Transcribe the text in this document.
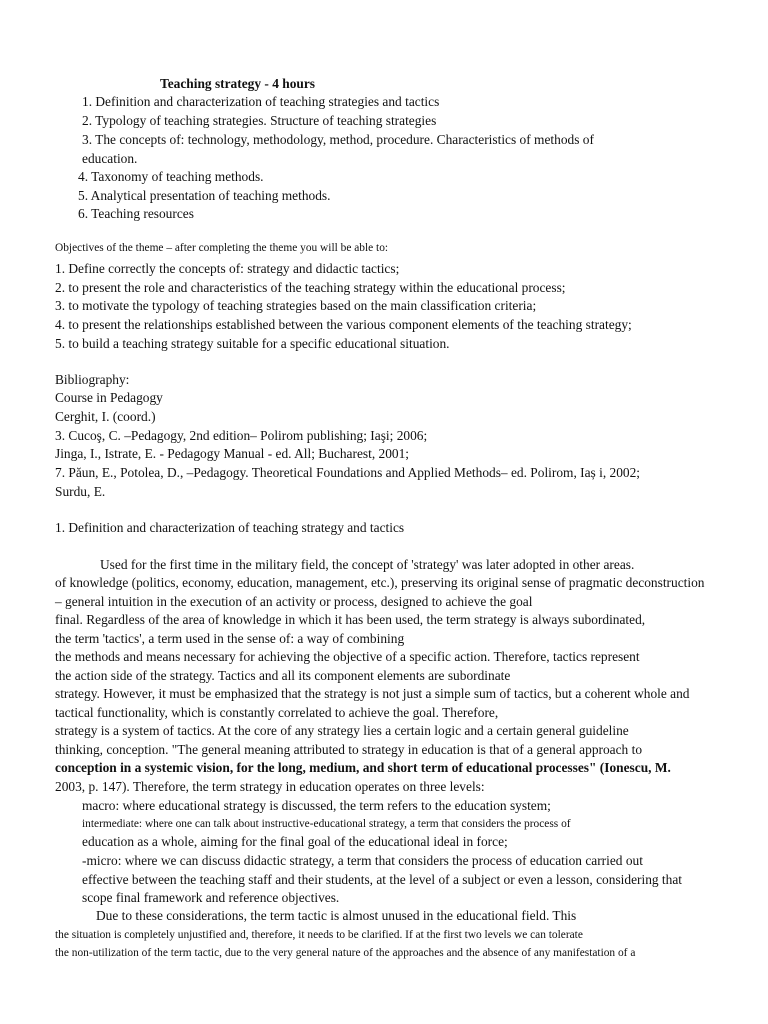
Teaching strategy - 4 hours
1. Definition and characterization of teaching strategies and tactics
2. Typology of teaching strategies. Structure of teaching strategies
3. The concepts of: technology, methodology, method, procedure. Characteristics of methods of
education.
4. Taxonomy of teaching methods.
5. Analytical presentation of teaching methods.
6. Teaching resources
Objectives of the theme – after completing the theme you will be able to:
1. Define correctly the concepts of: strategy and didactic tactics;
2. to present the role and characteristics of the teaching strategy within the educational process;
3. to motivate the typology of teaching strategies based on the main classification criteria;
4. to present the relationships established between the various component elements of the teaching strategy;
5. to build a teaching strategy suitable for a specific educational situation.
Bibliography:
Course in Pedagogy
Cerghit, I. (coord.)
3. Cucoş, C. –Pedagogy, 2nd edition– Polirom publishing; Iaşi; 2006;
Jinga, I., Istrate, E. - Pedagogy Manual - ed. All; Bucharest, 2001;
7. Păun, E., Potolea, D., –Pedagogy. Theoretical Foundations and Applied Methods– ed. Polirom, Iaș i, 2002;
Surdu, E.
1. Definition and characterization of teaching strategy and tactics
Used for the first time in the military field, the concept of 'strategy' was later adopted in other areas.
of knowledge (politics, economy, education, management, etc.), preserving its original sense of pragmatic deconstruction
– general intuition in the execution of an activity or process, designed to achieve the goal
final. Regardless of the area of knowledge in which it has been used, the term strategy is always subordinated,
the term 'tactics', a term used in the sense of: a way of combining
the methods and means necessary for achieving the objective of a specific action. Therefore, tactics represent
the action side of the strategy. Tactics and all its component elements are subordinate
strategy. However, it must be emphasized that the strategy is not just a simple sum of tactics, but a coherent whole and
tactical functionality, which is constantly correlated to achieve the goal. Therefore,
strategy is a system of tactics. At the core of any strategy lies a certain logic and a certain general guideline
thinking, conception. "The general meaning attributed to strategy in education is that of a general approach to
conception in a systemic vision, for the long, medium, and short term of educational processes" (Ionescu, M.
2003, p. 147). Therefore, the term strategy in education operates on three levels:
macro: where educational strategy is discussed, the term refers to the education system;
intermediate: where one can talk about instructive-educational strategy, a term that considers the process of
education as a whole, aiming for the final goal of the educational ideal in force;
-micro: where we can discuss didactic strategy, a term that considers the process of education carried out
effective between the teaching staff and their students, at the level of a subject or even a lesson, considering that
scope final framework and reference objectives.
Due to these considerations, the term tactic is almost unused in the educational field. This
the situation is completely unjustified and, therefore, it needs to be clarified. If at the first two levels we can tolerate
the non-utilization of the term tactic, due to the very general nature of the approaches and the absence of any manifestation of a
